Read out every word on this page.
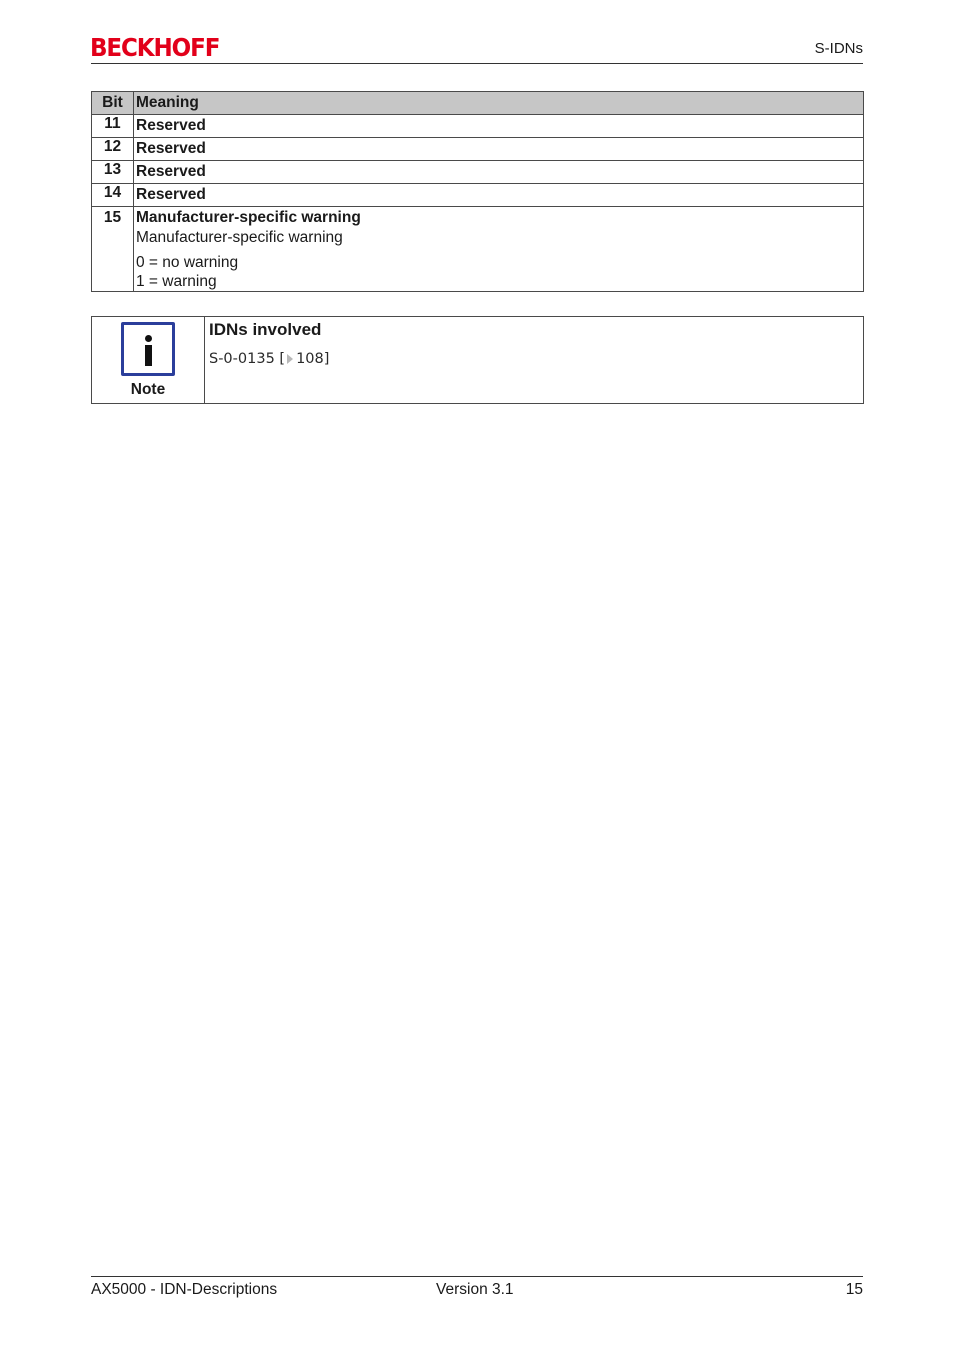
BECKHOFF	S-IDNs
Bit	Meaning
11	Reserved
12	Reserved
13	Reserved
14	Reserved

15	Manufacturer-specific warning
Manufacturer-specific warning
0 = no warning
1 = warning
Note
IDNs involved
S-0-0135 [ 108]
AX5000 - IDN-Descriptions	Version 3.1	15
